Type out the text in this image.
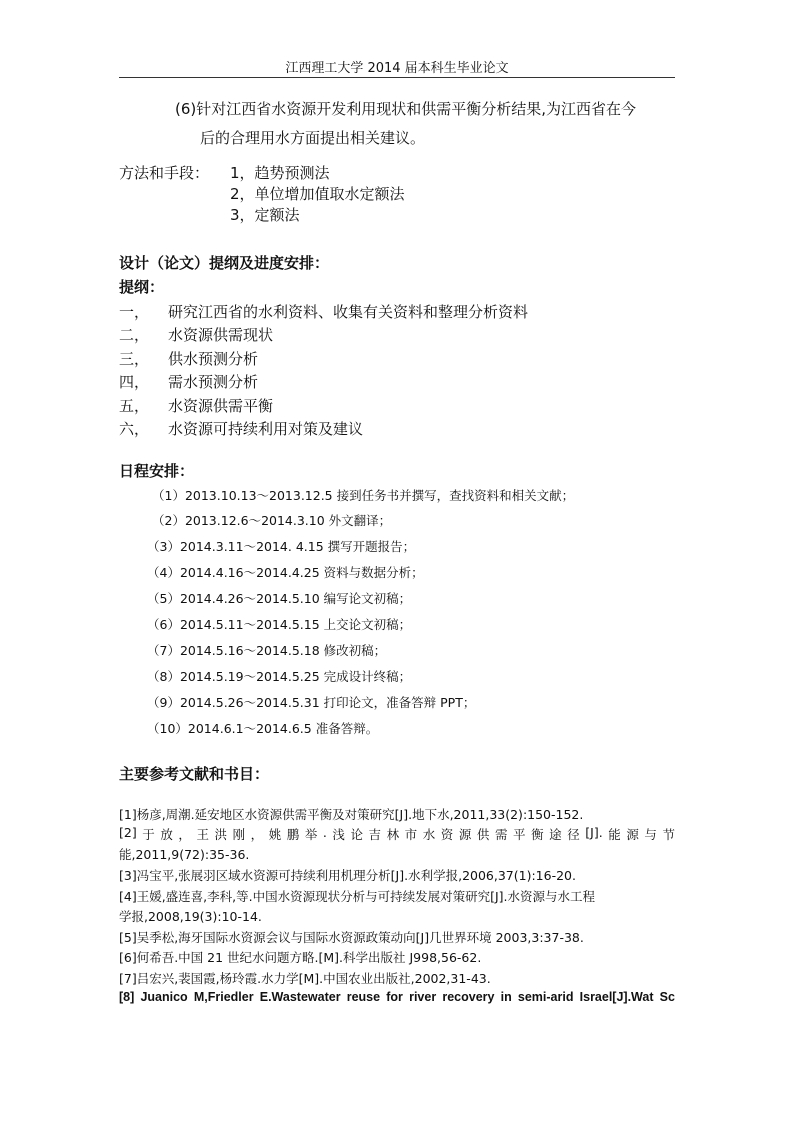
江西理工大学 2014 届本科生毕业论文
(6)针对江西省水资源开发利用现状和供需平衡分析结果,为江西省在今
后的合理用水方面提出相关建议。
方法和手段： 1，趋势预测法
2，单位增加值取水定额法
3，定额法
设计（论文）提纲及进度安排：
提纲：
一， 研究江西省的水利资料、收集有关资料和整理分析资料
二， 水资源供需现状
三， 供水预测分析
四， 需水预测分析
五， 水资源供需平衡
六， 水资源可持续利用对策及建议
日程安排：
（1）2013.10.13～2013.12.5 接到任务书并撰写，查找资料和相关文献；
（2）2013.12.6～2014.3.10 外文翻译；
（3）2014.3.11～2014. 4.15 撰写开题报告；
（4）2014.4.16～2014.4.25 资料与数据分析；
（5）2014.4.26～2014.5.10 编写论文初稿；
（6）2014.5.11～2014.5.15 上交论文初稿；
（7）2014.5.16～2014.5.18 修改初稿；
（8）2014.5.19～2014.5.25 完成设计终稿；
（9）2014.5.26～2014.5.31 打印论文，准备答辩 PPT；
（10）2014.6.1～2014.6.5 准备答辩。
主要参考文献和书目：
[1]杨彦,周潮.延安地区水资源供需平衡及对策研究[J].地下水,2011,33(2):150-152.
[2] 于 放 ， 王 洪 刚 ， 姚 鹏 举 . 浅 论 吉 林 市 水 资 源 供 需 平 衡 途 径 [J]. 能 源 与 节
能,2011,9(72):35-36.
[3]冯宝平,张展羽区域水资源可持续利用机理分析[J].水利学报,2006,37(1):16-20.
[4]王媛,盛连喜,李科,等.中国水资源现状分析与可持续发展对策研究[J].水资源与水工程
学报,2008,19(3):10-14.
[5]吴季松,海牙国际水资源会议与国际水资源政策动向[J]几世界环境 2003,3:37-38.
[6]何希吾.中国 21 世纪水问题方略.[M].科学出版社 J998,56-62.
[7]吕宏兴,裴国霞,杨玲霞.水力学[M].中国农业出版社,2002,31-43.
[8] Juanico M,Friedler E.Wastewater reuse for river recovery in semi-arid Israel[J].Wat Sc
